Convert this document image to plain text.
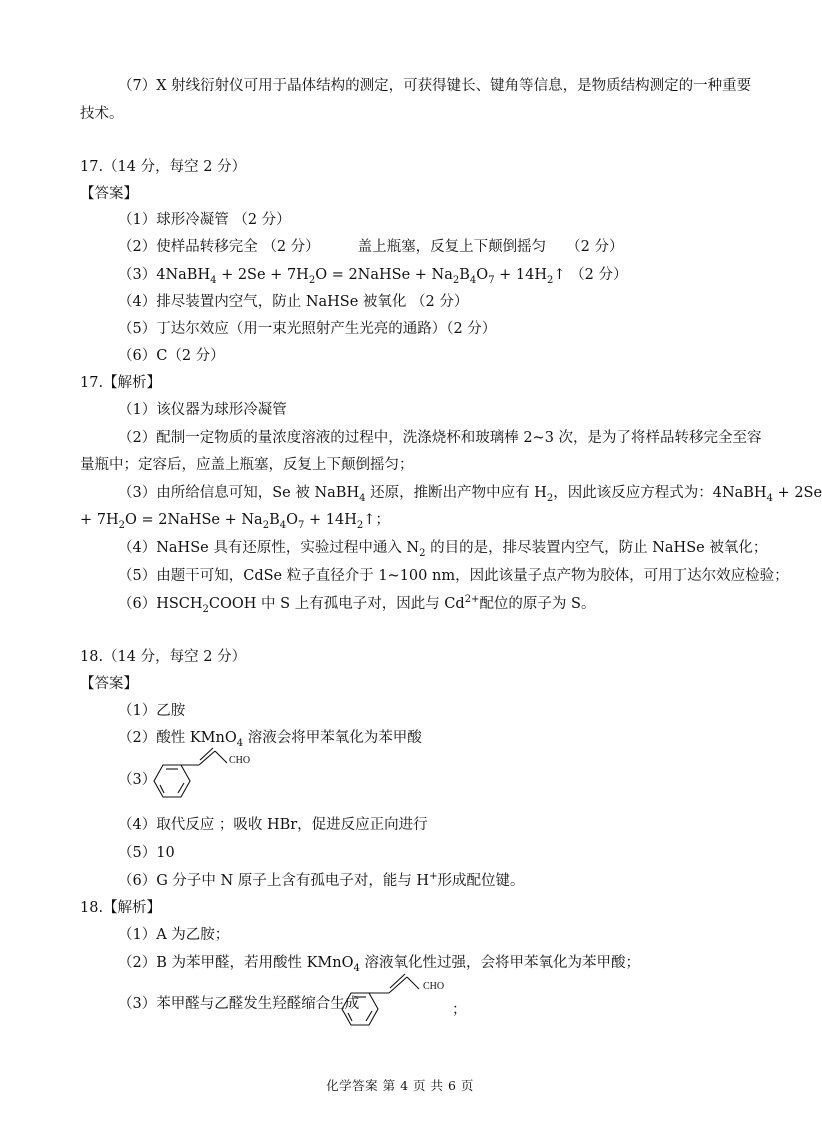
（7）X 射线衍射仪可用于晶体结构的测定，可获得键长、键角等信息，是物质结构测定的一种重要
技术。
17.（14 分，每空 2 分）
【答案】
（1）球形冷凝管 （2 分）
（2）使样品转移完全 （2 分）	盖上瓶塞，反复上下颠倒摇匀 （2 分）
（3）4NaBH$_4$ + $2Se + 7H_2O$ = 2NaHSe + $Na_2B_4O_7$ + $14H_2↑$ （2 分）
（4）排尽装置内空气，防止 NaHSe 被氧化 （2 分）
（5）丁达尔效应（用一束光照射产生光亮的通路）（2 分）
（6）C（2 分）
17.【解析】
（1）该仪器为球形冷凝管
（2）配制一定物质的量浓度溶液的过程中，洗涤烧杯和玻璃棒 2~3 次，是为了将样品转移完全至容
量瓶中；定容后，应盖上瓶塞，反复上下颠倒摇匀；
（3）由所给信息可知，Se 被 NaBH$_4$ 还原，推断出产物中应有 $H_2$，因此该反应方程式为：4NaBH$_4$ + 2Se
+ $7H_2O$ = 2NaHSe + $Na_2B_4O_7$ + $14H_2↑$；
（4）NaHSe 具有还原性，实验过程中通入 $N_2$ 的目的是，排尽装置内空气，防止 NaHSe 被氧化；
（5）由题干可知，CdSe 粒子直径介于 1~100 nm，因此该量子点产物为胶体，可用丁达尔效应检验；
$(6)HSCH_2COOH$ 中 S 上有孤电子对，因此与 $Cd^{2+}$配位的原子为 S。
18.（14 分，每空 2 分）
【答案】
（1）乙胺
（2）酸性 KMnO$_4$ 溶液会将甲苯氧化为苯甲酸
（3）
CHO
（4）取代反应 ；吸收 HBr，促进反应正向进行
（5）10
（6）G 分子中 N 原子上含有孤电子对，能与 H+形成配位键。
18.【解析】
（1）A 为乙胺；
（2）B 为苯甲醛，若用酸性 KMnO$_4$ 溶液氧化性过强，会将甲苯氧化为苯甲酸；
（3）苯甲醛与乙醛发生羟醛缩合生成
CHO
；
化学答案 第 4 页 共 6 页
